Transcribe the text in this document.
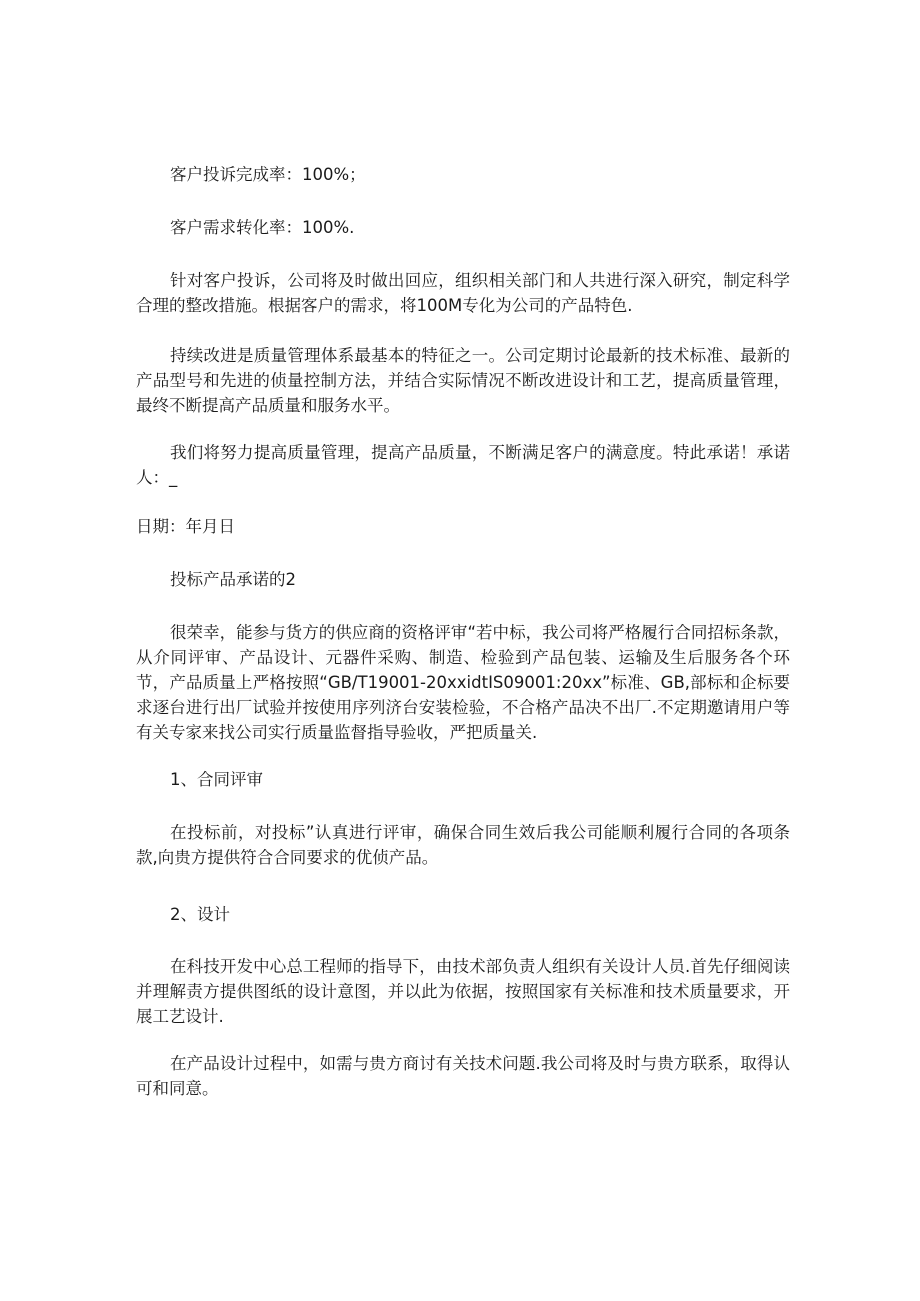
客户投诉完成率：100%；

客户需求转化率：100%.

针对客户投诉，公司将及时做出回应，组织相关部门和人共进行深入研究，制定科学合理的整改措施。根据客户的需求，将100M专化为公司的产品特色.

持续改进是质量管理体系最基本的特征之一。公司定期讨论最新的技术标准、最新的产品型号和先进的侦量控制方法，并结合实际情况不断改进设计和工艺，提高质量管理，最终不断提高产品质量和服务水平。

我们将努力提高质量管理，提高产品质量，不断满足客户的满意度。特此承诺！承诺人：_

日期：年月日

投标产品承诺的2

很荣幸，能参与货方的供应商的资格评审“若中标，我公司将严格履行合同招标条款，从介同评审、产品设计、元器件采购、制造、检验到产品包装、运输及生后服务各个环节，产品质量上严格按照“GB/T19001-20xxidtIS09001:20xx”标准、GB,部标和企标要求逐台进行出厂试验并按使用序列济台安装检验，不合格产品决不出厂.不定期邀请用户等有关专家来找公司实行质量监督指导验收，严把质量关.

1、合同评审

在投标前，对投标”认真进行评审，确保合同生效后我公司能顺利履行合同的各项条款,向贵方提供符合合同要求的优侦产品。

2、设计

在科技开发中心总工程师的指导下，由技术部负责人组织有关设计人员.首先仔细阅读并理解责方提供图纸的设计意图，并以此为依据，按照国家有关标准和技术质量要求，开展工艺设计.

在产品设计过程中，如需与贵方商讨有关技术问题.我公司将及时与贵方联系，取得认可和同意。
